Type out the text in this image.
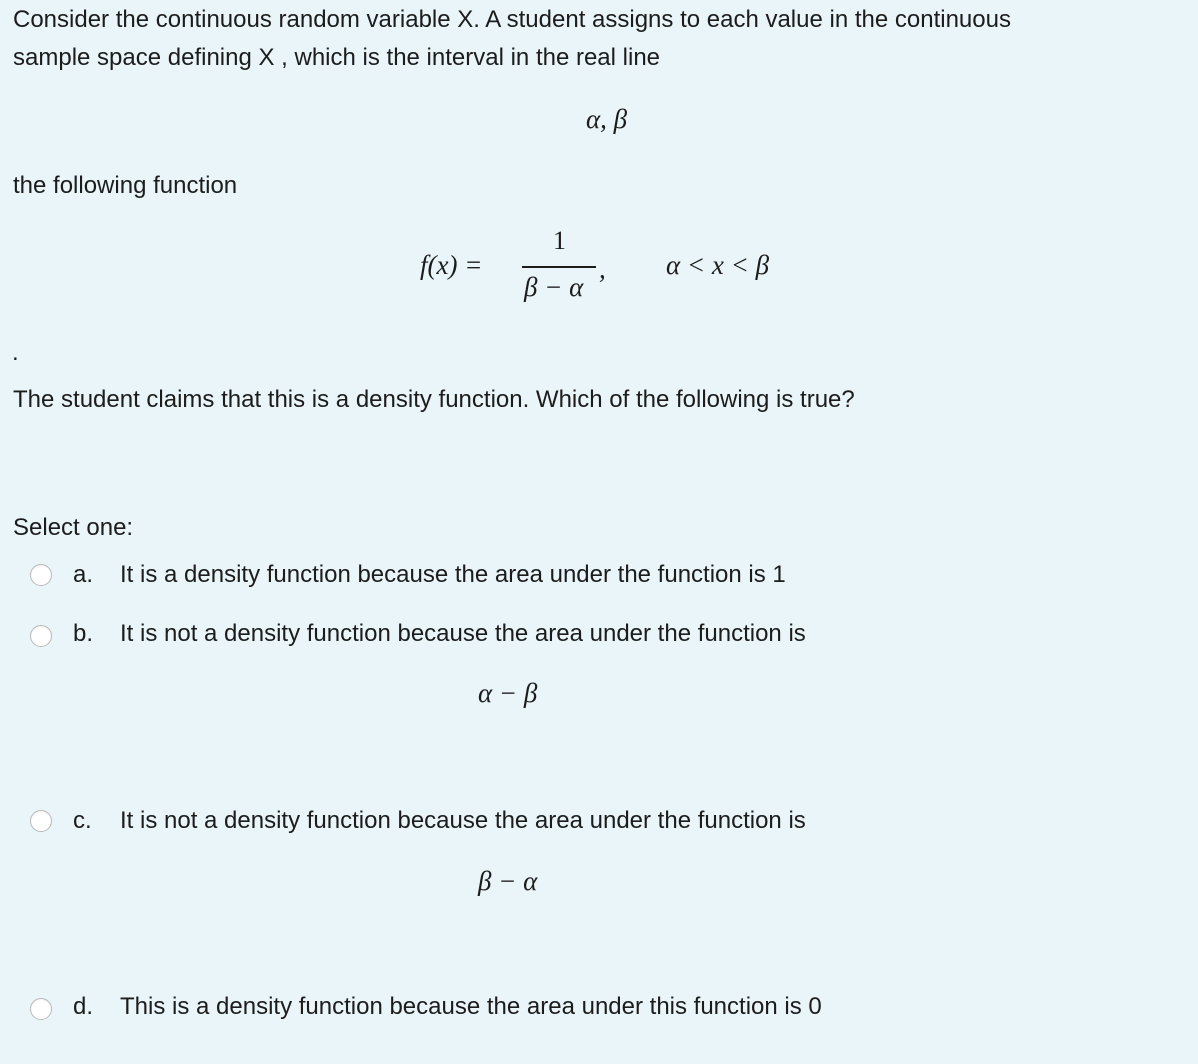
Consider the continuous random variable X. A student assigns to each value in the continuous
sample space defining X , which is the interval in the real line
α, β
the following function
f(x) =
1
β − α
, α < x < β
.
The student claims that this is a density function. Which of the following is true?
Select one:
a. It is a density function because the area under the function is 1
b. It is not a density function because the area under the function is
α − β
c. It is not a density function because the area under the function is
β − α
d. This is a density function because the area under this function is 0
